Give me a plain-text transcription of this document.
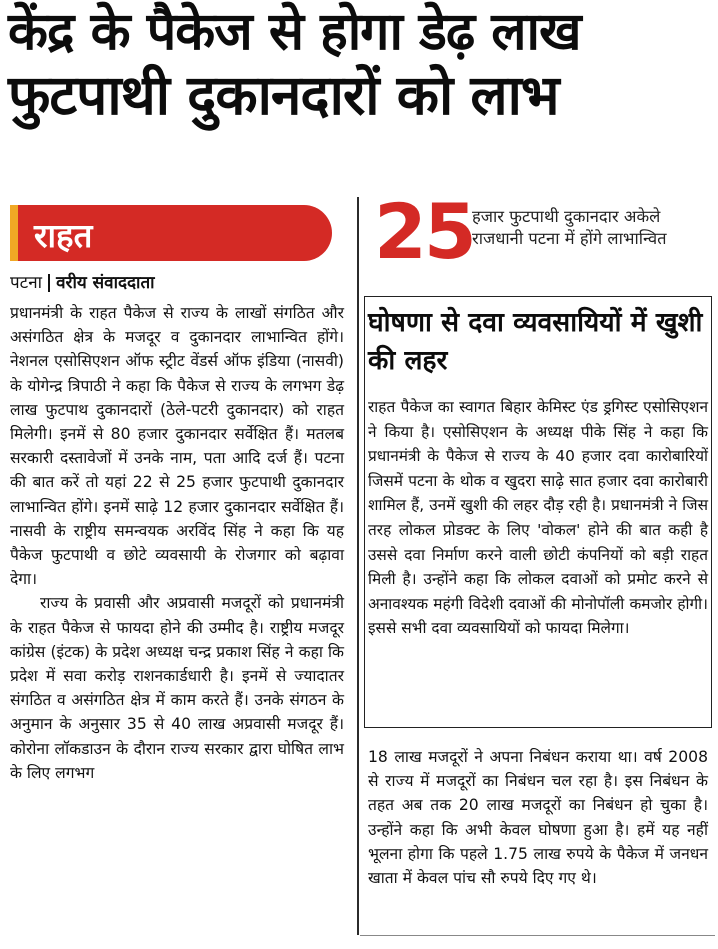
केंद्र के पैकेज से होगा डेढ़ लाख
फुटपाथी दुकानदारों को लाभ
राहत
पटना वरीय संवाददाता

प्रधानमंत्री के राहत पैकेज से राज्य के लाखों संगठित और असंगठित क्षेत्र के मजदूर व दुकानदार लाभान्वित होंगे। नेशनल एसोसिएशन ऑफ स्ट्रीट वेंडर्स ऑफ इंडिया (नासवी) के योगेन्द्र त्रिपाठी ने कहा कि पैकेज से राज्य के लगभग डेढ़ लाख फुटपाथ दुकानदारों (ठेले-पटरी दुकानदार) को राहत मिलेगी। इनमें से 80 हजार दुकानदार सर्वेक्षित हैं। मतलब सरकारी दस्तावेजों में उनके नाम, पता आदि दर्ज हैं। पटना की बात करें तो यहां 22 से 25 हजार फुटपाथी दुकानदार लाभान्वित होंगे। इनमें साढ़े 12 हजार दुकानदार सर्वेक्षित हैं। नासवी के राष्ट्रीय समन्वयक अरविंद सिंह ने कहा कि यह पैकेज फुटपाथी व छोटे व्यवसायी के रोजगार को बढ़ावा देगा।

राज्य के प्रवासी और अप्रवासी मजदूरों को प्रधानमंत्री के राहत पैकेज से फायदा होने की उम्मीद है। राष्ट्रीय मजदूर कांग्रेस (इंटक) के प्रदेश अध्यक्ष चन्द्र प्रकाश सिंह ने कहा कि प्रदेश में सवा करोड़ राशनकार्डधारी है। इनमें से ज्यादातर संगठित व असंगठित क्षेत्र में काम करते हैं। उनके संगठन के अनुमान के अनुसार 35 से 40 लाख अप्रवासी मजदूर हैं। कोरोना लॉकडाउन के दौरान राज्य सरकार द्वारा घोषित लाभ के लिए लगभग

25
हजार फुटपाथी दुकानदार अकेले राजधानी पटना में होंगे लाभान्वित
घोषणा से दवा व्यवसायियों में खुशी की लहर
राहत पैकेज का स्वागत बिहार केमिस्ट एंड ड्रगिस्ट एसोसिएशन ने किया है। एसोसिएशन के अध्यक्ष पीके सिंह ने कहा कि प्रधानमंत्री के पैकेज से राज्य के 40 हजार दवा कारोबारियों जिसमें पटना के थोक व खुदरा साढ़े सात हजार दवा कारोबारी शामिल हैं, उनमें खुशी की लहर दौड़ रही है। प्रधानमंत्री ने जिस तरह लोकल प्रोडक्ट के लिए 'वोकल' होने की बात कही है उससे दवा निर्माण करने वाली छोटी कंपनियों को बड़ी राहत मिली है। उन्होंने कहा कि लोकल दवाओं को प्रमोट करने से अनावश्यक महंगी विदेशी दवाओं की मोनोपॉली कमजोर होगी। इससे सभी दवा व्यवसायियों को फायदा मिलेगा।

18 लाख मजदूरों ने अपना निबंधन कराया था। वर्ष 2008 से राज्य में मजदूरों का निबंधन चल रहा है। इस निबंधन के तहत अब तक 20 लाख मजदूरों का निबंधन हो चुका है। उन्होंने कहा कि अभी केवल घोषणा हुआ है। हमें यह नहीं भूलना होगा कि पहले 1.75 लाख रुपये के पैकेज में जनधन खाता में केवल पांच सौ रुपये दिए गए थे।
